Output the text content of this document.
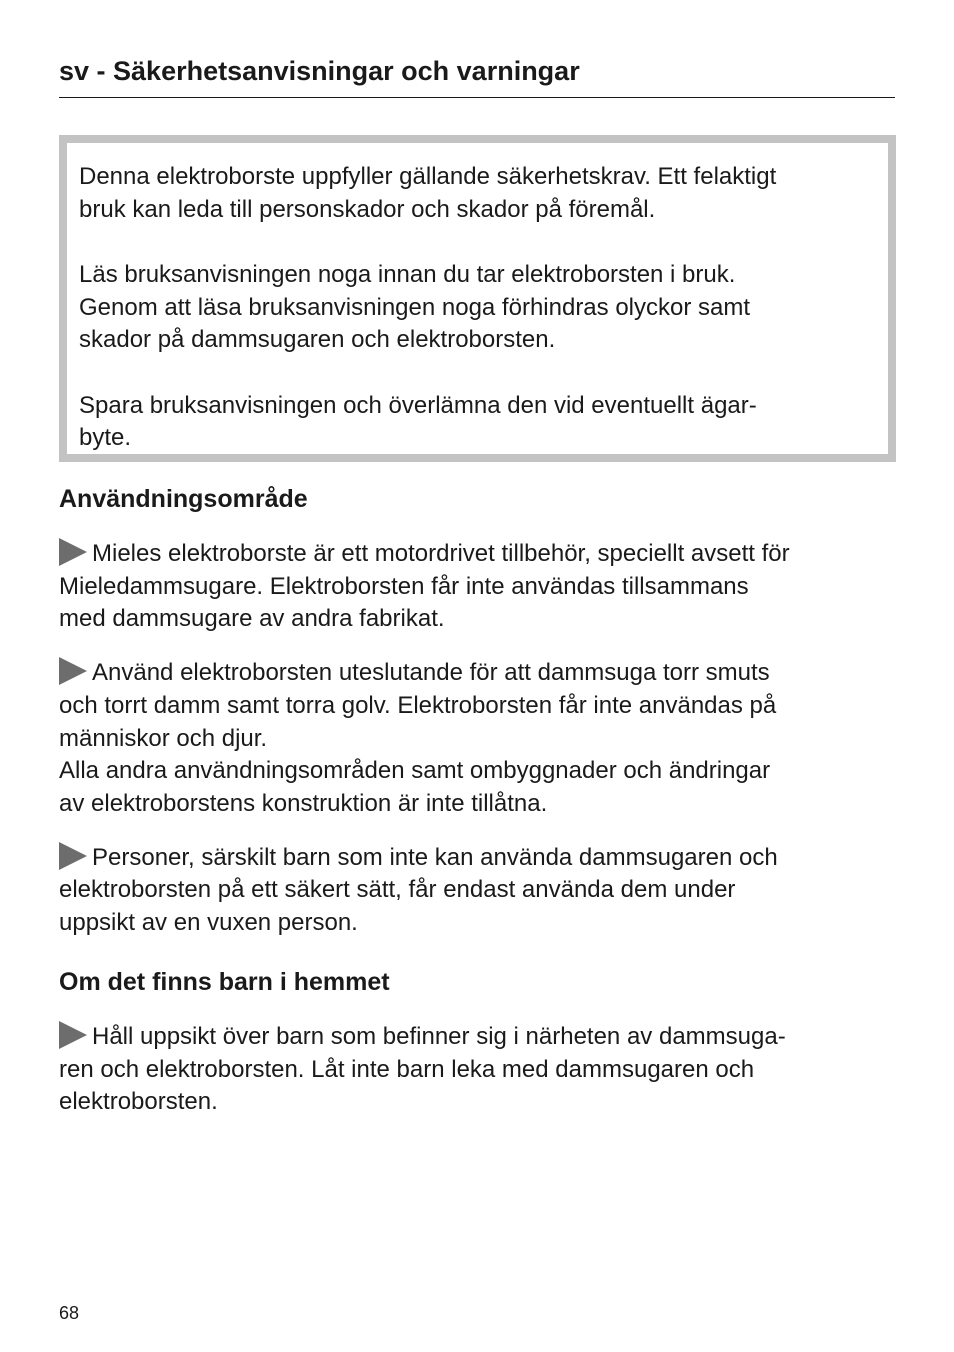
sv - Säkerhetsanvisningar och varningar

Denna elektroborste uppfyller gällande säkerhetskrav. Ett felaktigt
bruk kan leda till personskador och skador på föremål.

Läs bruksanvisningen noga innan du tar elektroborsten i bruk.
Genom att läsa bruksanvisningen noga förhindras olyckor samt
skador på dammsugaren och elektroborsten.

Spara bruksanvisningen och överlämna den vid eventuellt ägar-
byte.

Användningsområde
Mieles elektroborste är ett motordrivet tillbehör, speciellt avsett för
Mieledammsugare. Elektroborsten får inte användas tillsammans
med dammsugare av andra fabrikat.
Använd elektroborsten uteslutande för att dammsuga torr smuts
och torrt damm samt torra golv. Elektroborsten får inte användas på
människor och djur.
Alla andra användningsområden samt ombyggnader och ändringar
av elektroborstens konstruktion är inte tillåtna.
Personer, särskilt barn som inte kan använda dammsugaren och
elektroborsten på ett säkert sätt, får endast använda dem under
uppsikt av en vuxen person.
Om det finns barn i hemmet
Håll uppsikt över barn som befinner sig i närheten av dammsuga-
ren och elektroborsten. Låt inte barn leka med dammsugaren och
elektroborsten.
68
